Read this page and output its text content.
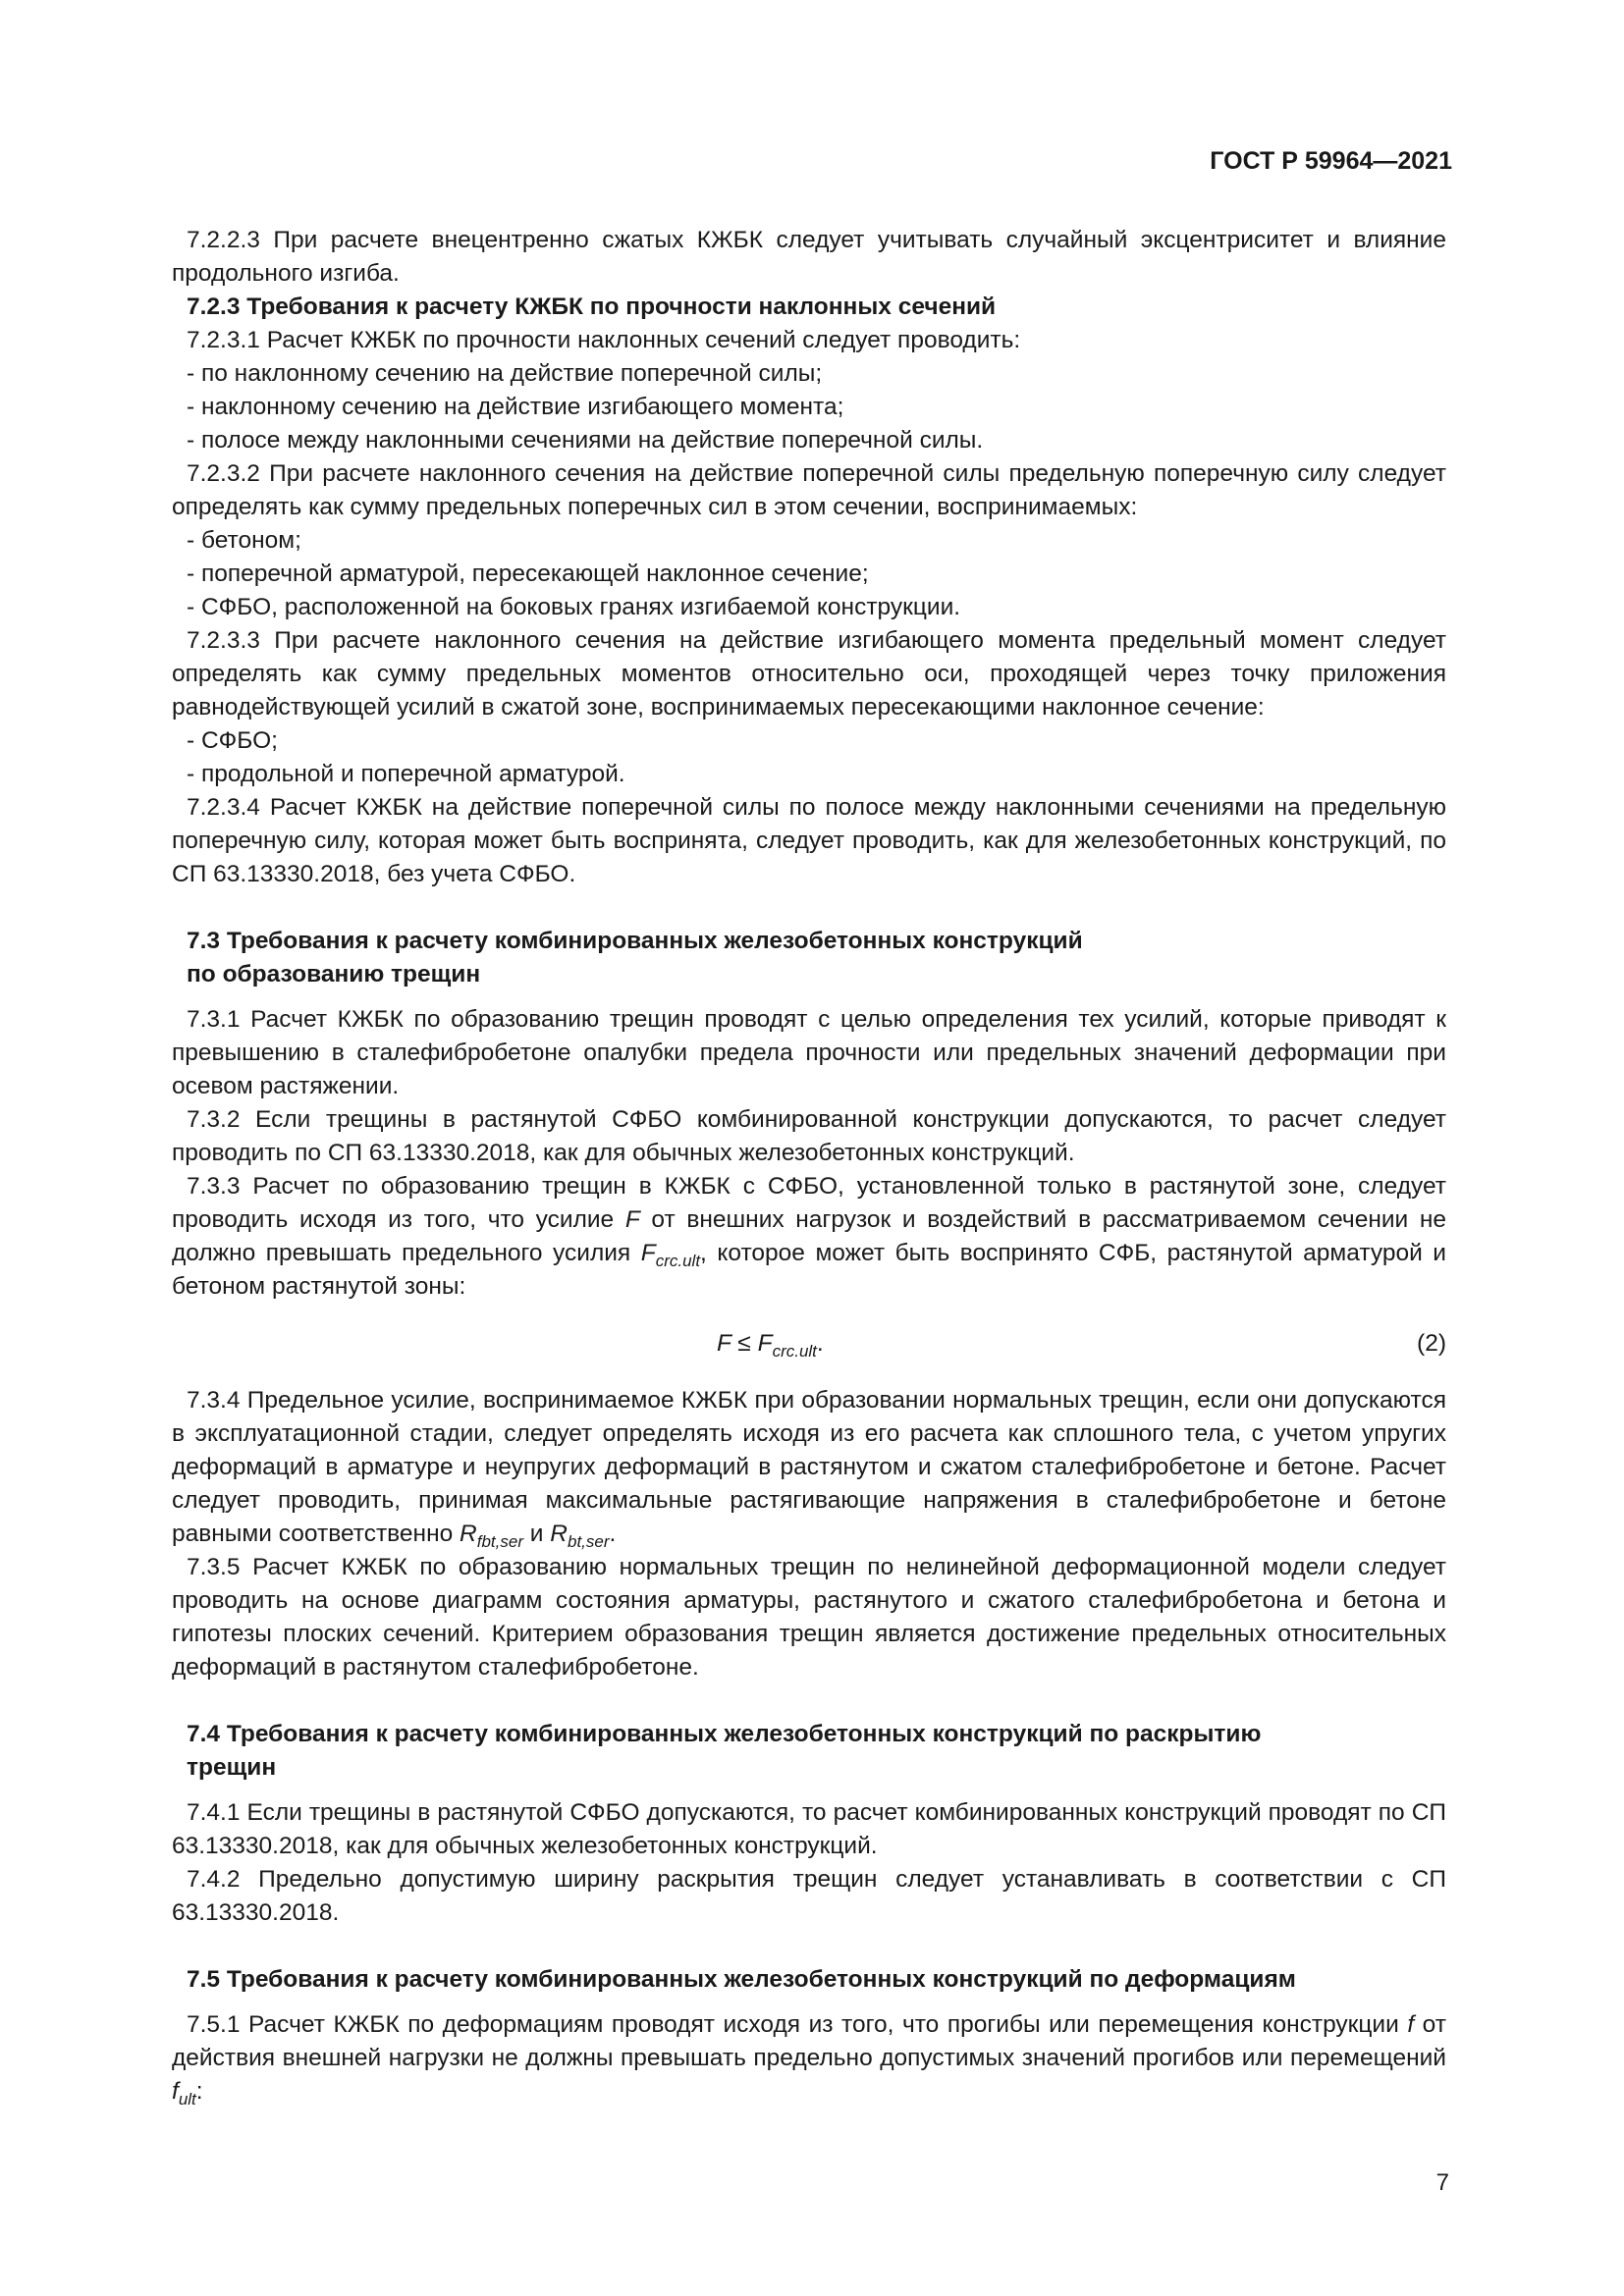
ГОСТ Р 59964—2021

7.2.2.3 При расчете внецентренно сжатых КЖБК следует учитывать случайный эксцентриситет и влияние продольного изгиба.

7.2.3 Требования к расчету КЖБК по прочности наклонных сечений

7.2.3.1 Расчет КЖБК по прочности наклонных сечений следует проводить:

- по наклонному сечению на действие поперечной силы;

- наклонному сечению на действие изгибающего момента;

- полосе между наклонными сечениями на действие поперечной силы.

7.2.3.2 При расчете наклонного сечения на действие поперечной силы предельную поперечную силу следует определять как сумму предельных поперечных сил в этом сечении, воспринимаемых:

- бетоном;

- поперечной арматурой, пересекающей наклонное сечение;

- СФБО, расположенной на боковых гранях изгибаемой конструкции.

7.2.3.3 При расчете наклонного сечения на действие изгибающего момента предельный момент следует определять как сумму предельных моментов относительно оси, проходящей через точку приложения равнодействующей усилий в сжатой зоне, воспринимаемых пересекающими наклонное сечение:

- СФБО;

- продольной и поперечной арматурой.

7.2.3.4 Расчет КЖБК на действие поперечной силы по полосе между наклонными сечениями на предельную поперечную силу, которая может быть воспринята, следует проводить, как для железобетонных конструкций, по СП 63.13330.2018, без учета СФБО.

7.3 Требования к расчету комбинированных железобетонных конструкций
по образованию трещин

7.3.1 Расчет КЖБК по образованию трещин проводят с целью определения тех усилий, которые приводят к превышению в сталефибробетоне опалубки предела прочности или предельных значений деформации при осевом растяжении.

7.3.2 Если трещины в растянутой СФБО комбинированной конструкции допускаются, то расчет следует проводить по СП 63.13330.2018, как для обычных железобетонных конструкций.

7.3.3 Расчет по образованию трещин в КЖБК с СФБО, установленной только в растянутой зоне, следует проводить исходя из того, что усилие F от внешних нагрузок и воздействий в рассматриваемом сечении не должно превышать предельного усилия $F_{crc.ult}$, которое может быть воспринято СФБ, растянутой арматурой и бетоном растянутой зоны:

$F \le F_{crc.ult}$.	(2)

7.3.4 Предельное усилие, воспринимаемое КЖБК при образовании нормальных трещин, если они допускаются в эксплуатационной стадии, следует определять исходя из его расчета как сплошного тела, с учетом упругих деформаций в арматуре и неупругих деформаций в растянутом и сжатом сталефибробетоне и бетоне. Расчет следует проводить, принимая максимальные растягивающие напряжения в сталефибробетоне и бетоне равными соответственно $R_{fbt,ser}$ и $R_{bt,ser}$.

7.3.5 Расчет КЖБК по образованию нормальных трещин по нелинейной деформационной модели следует проводить на основе диаграмм состояния арматуры, растянутого и сжатого сталефибробетона и бетона и гипотезы плоских сечений. Критерием образования трещин является достижение предельных относительных деформаций в растянутом сталефибробетоне.

7.4 Требования к расчету комбинированных железобетонных конструкций по раскрытию
трещин

7.4.1 Если трещины в растянутой СФБО допускаются, то расчет комбинированных конструкций проводят по СП 63.13330.2018, как для обычных железобетонных конструкций.

7.4.2 Предельно допустимую ширину раскрытия трещин следует устанавливать в соответствии с СП 63.13330.2018.

7.5 Требования к расчету комбинированных железобетонных конструкций по деформациям

7.5.1 Расчет КЖБК по деформациям проводят исходя из того, что прогибы или перемещения конструкции f от действия внешней нагрузки не должны превышать предельно допустимых значений прогибов или перемещений $f_{ult}$:

7
